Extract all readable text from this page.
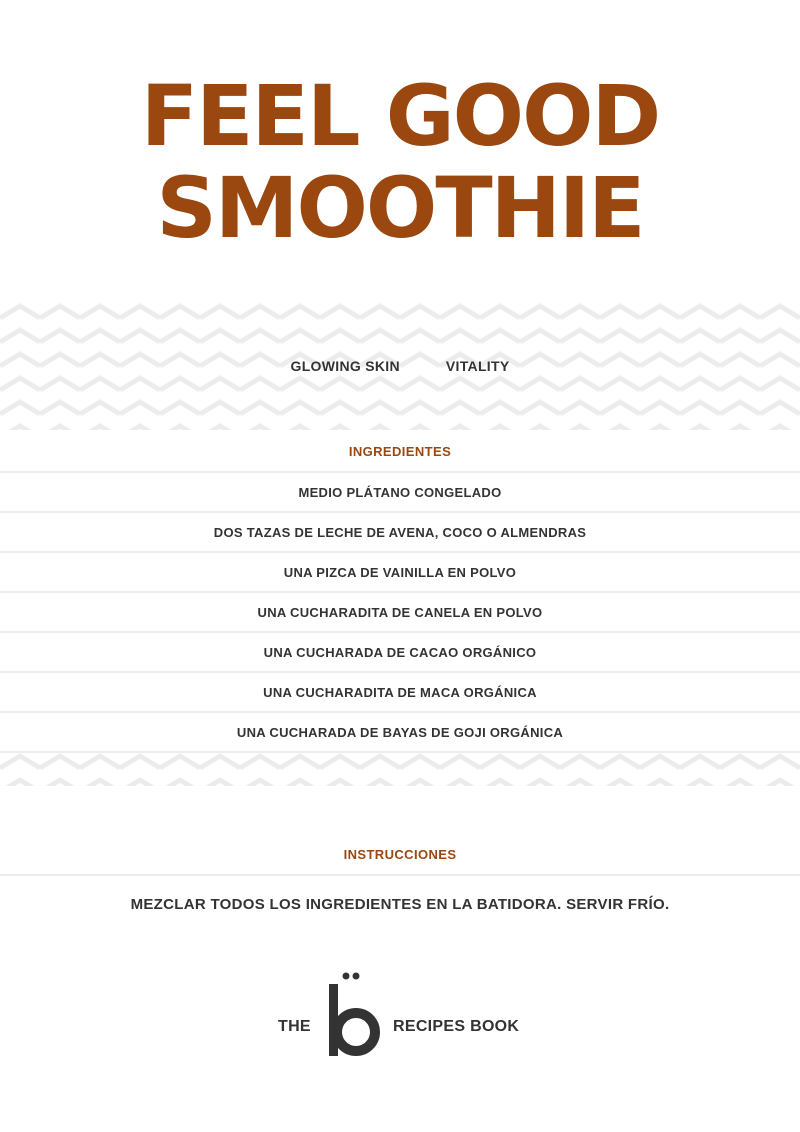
FEEL GOOD
SMOOTHIE
GLOWING SKIN	VITALITY
INGREDIENTES
MEDIO PLÁTANO CONGELADO
DOS TAZAS DE LECHE DE AVENA, COCO O ALMENDRAS
UNA PIZCA DE VAINILLA EN POLVO
UNA CUCHARADITA DE CANELA EN POLVO
UNA CUCHARADA DE CACAO ORGÁNICO
UNA CUCHARADITA DE MACA ORGÁNICA
UNA CUCHARADA DE BAYAS DE GOJI ORGÁNICA
INSTRUCCIONES
MEZCLAR TODOS LOS INGREDIENTES EN LA BATIDORA. SERVIR FRÍO.
THE	RECIPES BOOK
